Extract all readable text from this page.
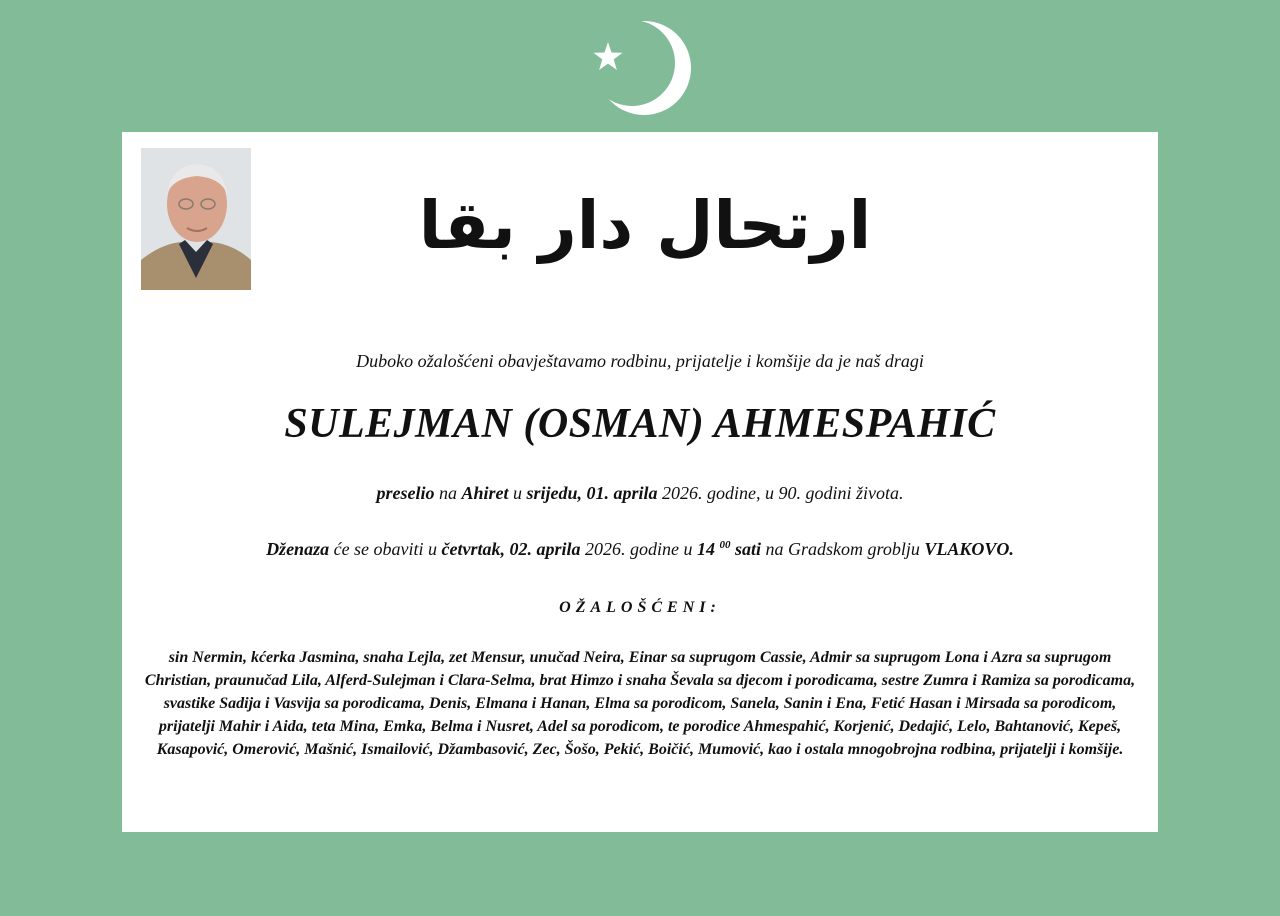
ارتحال دار بقا
Duboko ožalošćeni obavještavamo rodbinu, prijatelje i komšije da je naš dragi
SULEJMAN (OSMAN) AHMESPAHIĆ
preselio na Ahiret u srijedu, 01. aprila 2026. godine, u 90. godini života.
Dženaza će se obaviti u četvrtak, 02. aprila 2026. godine u 14 $^{00}$ sati na Gradskom groblju VLAKOVO.
OŽALOŠĆENI:
sin Nermin, kćerka Jasmina, snaha Lejla, zet Mensur, unučad Neira, Einar sa suprugom Cassie, Admir sa suprugom Lona i Azra sa suprugom Christian, praunučad Lila, Alferd-Sulejman i Clara-Selma, brat Himzo i snaha Ševala sa djecom i porodicama, sestre Zumra i Ramiza sa porodicama, svastike Sadija i Vasvija sa porodicama, Denis, Elmana i Hanan, Elma sa porodicom, Sanela, Sanin i Ena, Fetić Hasan i Mirsada sa porodicom, prijatelji Mahir i Aida, teta Mina, Emka, Belma i Nusret, Adel sa porodicom, te porodice Ahmespahić, Korjenić, Dedajić, Lelo, Bahtanović, Kepeš, Kasapović, Omerović, Mašnić, Ismailović, Džambasović, Zec, Šošo, Pekić, Boičić, Mumović, kao i ostala mnogobrojna rodbina, prijatelji i komšije.
